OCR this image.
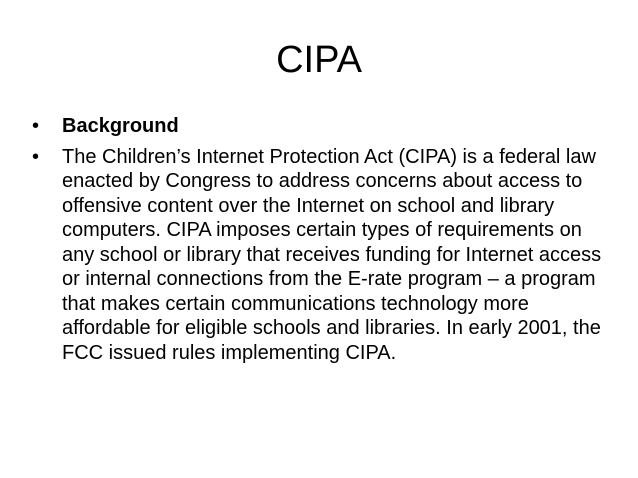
CIPA
• Background
• The Children’s Internet Protection Act (CIPA) is a federal law enacted by Congress to address concerns about access to offensive content over the Internet on school and library computers. CIPA imposes certain types of requirements on any school or library that receives funding for Internet access or internal connections from the E-rate program – a program that makes certain communications technology more affordable for eligible schools and libraries. In early 2001, the FCC issued rules implementing CIPA.
